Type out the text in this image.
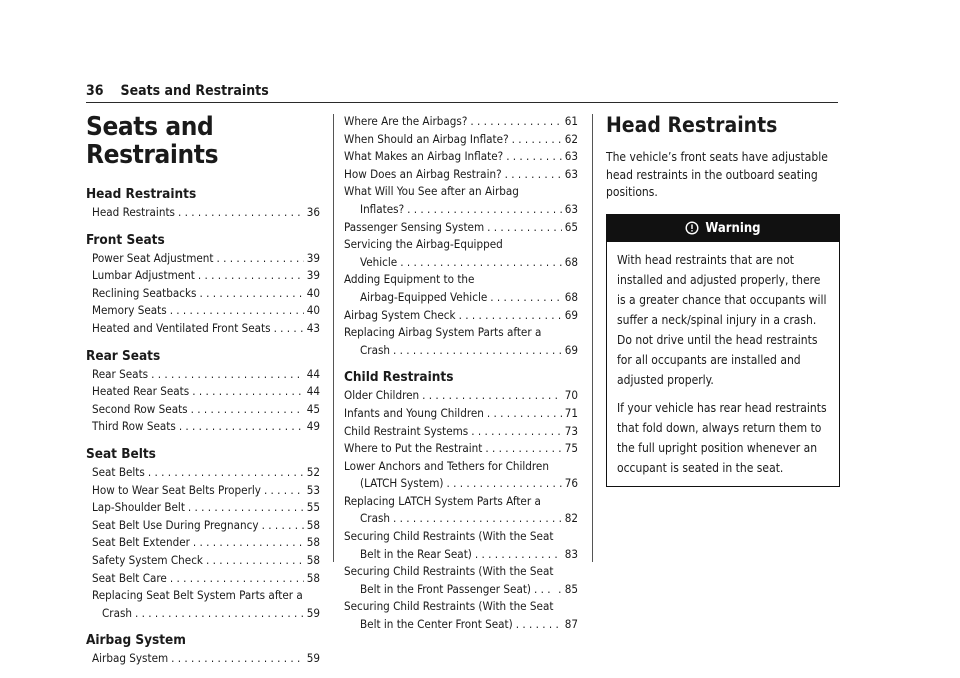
36 Seats and Restraints
Seats and Restraints
Head Restraints
Head Restraints . . .	36
Front Seats
Power Seat Adjustment . . .	39
Lumbar Adjustment . . .	39
Reclining Seatbacks . . .	40
Memory Seats . . .	40
Heated and Ventilated Front Seats . . .	. 43
Rear Seats
Rear Seats . . .	44
Heated Rear Seats . . .	44
Second Row Seats . . .	45
Third Row Seats . . .	49
Seat Belts
Seat Belts . . .	52
How to Wear Seat Belts Properly . . .	53
Lap-Shoulder Belt . . .	55
Seat Belt Use During Pregnancy . . .	58
Seat Belt Extender . . .	58
Safety System Check . . .	58
Seat Belt Care . . .	58
Replacing Seat Belt System Parts after a
Crash . . .	59
Airbag System
Airbag System . . .	59
Where Are the Airbags? . . .	61
When Should an Airbag Inflate? . . .	62
What Makes an Airbag Inflate? . . .	63
How Does an Airbag Restrain? . . .	63
What Will You See after an Airbag
Inflates? . . .	63
Passenger Sensing System . . .	65
Servicing the Airbag-Equipped
Vehicle . . .	68
Adding Equipment to the
Airbag-Equipped Vehicle . . .	68
Airbag System Check . . .	69
Replacing Airbag System Parts after a
Crash . . .	69
Child Restraints
Older Children . . .	70
Infants and Young Children . . .	71
Child Restraint Systems . . .	73
Where to Put the Restraint . . .	75
Lower Anchors and Tethers for Children
(LATCH System) . . .	76
Replacing LATCH System Parts After a
Crash . . .	82
Securing Child Restraints (With the Seat
Belt in the Rear Seat) . . .	83
Securing Child Restraints (With the Seat
Belt in the Front Passenger Seat) . . . . 85
Securing Child Restraints (With the Seat
Belt in the Center Front Seat) . . .	87
Head Restraints

The vehicle’s front seats have adjustable head restraints in the outboard seating positions.

Warning

With head restraints that are not installed and adjusted properly, there is a greater chance that occupants will suffer a neck/spinal injury in a crash. Do not drive until the head restraints for all occupants are installed and adjusted properly.

If your vehicle has rear head restraints that fold down, always return them to the full upright position whenever an occupant is seated in the seat.
